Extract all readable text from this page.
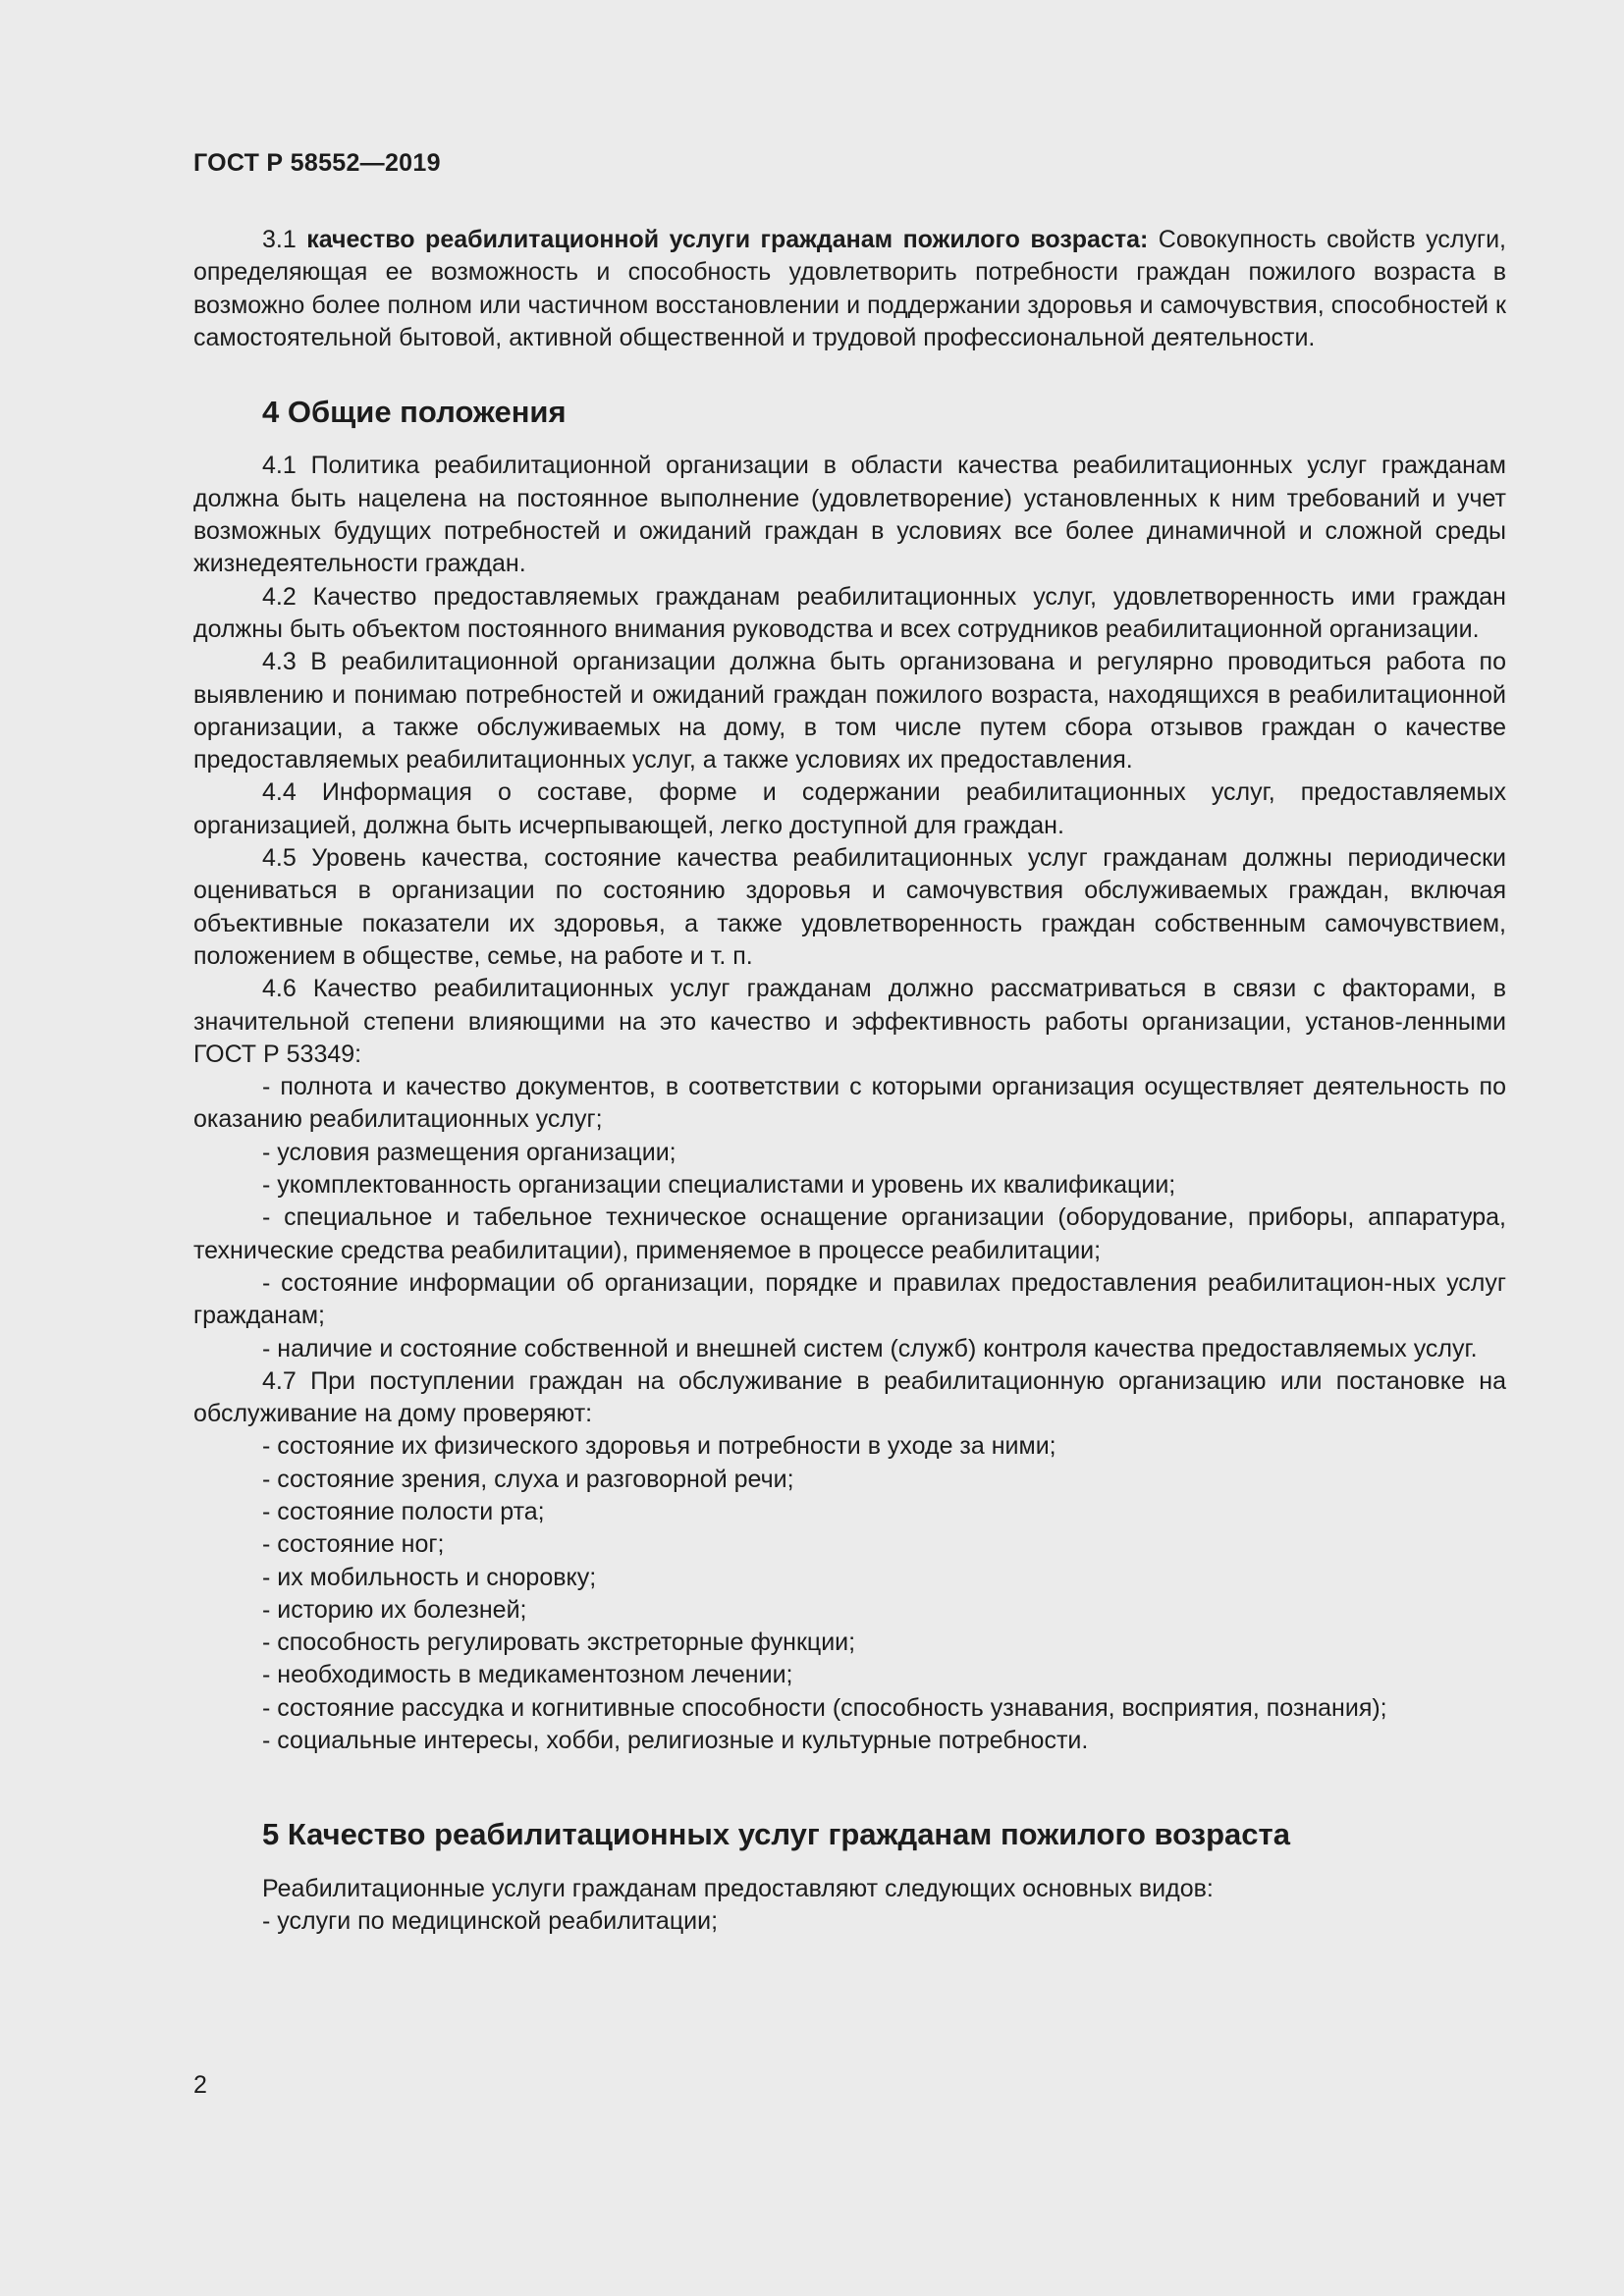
ГОСТ Р 58552—2019

3.1 качество реабилитационной услуги гражданам пожилого возраста: Совокупность свойств услуги, определяющая ее возможность и способность удовлетворить потребности граждан пожилого возраста в возможно более полном или частичном восстановлении и поддержании здоровья и самочувствия, способностей к самостоятельной бытовой, активной общественной и трудовой профессиональной деятельности.

4 Общие положения

4.1 Политика реабилитационной организации в области качества реабилитационных услуг гражданам должна быть нацелена на постоянное выполнение (удовлетворение) установленных к ним требований и учет возможных будущих потребностей и ожиданий граждан в условиях все более динамичной и сложной среды жизнедеятельности граждан.

4.2 Качество предоставляемых гражданам реабилитационных услуг, удовлетворенность ими граждан должны быть объектом постоянного внимания руководства и всех сотрудников реабилитационной организации.

4.3 В реабилитационной организации должна быть организована и регулярно проводиться работа по выявлению и понимаю потребностей и ожиданий граждан пожилого возраста, находящихся в реабилитационной организации, а также обслуживаемых на дому, в том числе путем сбора отзывов граждан о качестве предоставляемых реабилитационных услуг, а также условиях их предоставления.

4.4 Информация о составе, форме и содержании реабилитационных услуг, предоставляемых организацией, должна быть исчерпывающей, легко доступной для граждан.

4.5 Уровень качества, состояние качества реабилитационных услуг гражданам должны периодически оцениваться в организации по состоянию здоровья и самочувствия обслуживаемых граждан, включая объективные показатели их здоровья, а также удовлетворенность граждан собственным самочувствием, положением в обществе, семье, на работе и т. п.

4.6 Качество реабилитационных услуг гражданам должно рассматриваться в связи с факторами, в значительной степени влияющими на это качество и эффективность работы организации, установ-ленными ГОСТ Р 53349:

- полнота и качество документов, в соответствии с которыми организация осуществляет деятельность по оказанию реабилитационных услуг;

- условия размещения организации;

- укомплектованность организации специалистами и уровень их квалификации;

- специальное и табельное техническое оснащение организации (оборудование, приборы, аппаратура, технические средства реабилитации), применяемое в процессе реабилитации;

- состояние информации об организации, порядке и правилах предоставления реабилитацион-ных услуг гражданам;

- наличие и состояние собственной и внешней систем (служб) контроля качества предоставляемых услуг.

4.7 При поступлении граждан на обслуживание в реабилитационную организацию или постановке на обслуживание на дому проверяют:

- состояние их физического здоровья и потребности в уходе за ними;

- состояние зрения, слуха и разговорной речи;

- состояние полости рта;

- состояние ног;

- их мобильность и сноровку;

- историю их болезней;

- способность регулировать экстреторные функции;

- необходимость в медикаментозном лечении;

- состояние рассудка и когнитивные способности (способность узнавания, восприятия, познания);

- социальные интересы, хобби, религиозные и культурные потребности.

5 Качество реабилитационных услуг гражданам пожилого возраста

Реабилитационные услуги гражданам предоставляют следующих основных видов:

- услуги по медицинской реабилитации;

2
